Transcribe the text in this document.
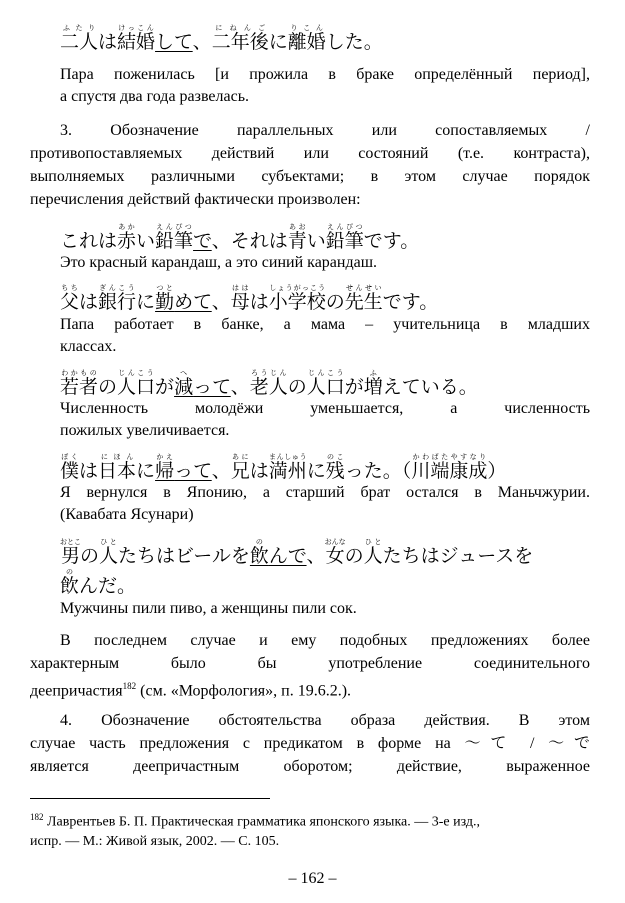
二人ふたりは結婚けっこんして、二年後にねんごに離婚りこんした。

Пара поженилась [и прожила в браке определённый период],

а спустя два года развелась.

3. Обозначение параллельных или сопоставляемых /

противопоставляемых действий или состояний (т.е. контраста),

выполняемых различными субъектами; в этом случае порядок

перечисления действий фактически произволен:

これは赤あかい鉛筆えんぴつで、それは青あおい鉛筆えんぴつです。

Это красный карандаш, а это синий карандаш.

父ちちは銀行ぎんこうに勤つとめて、母ははは小学校しょうがっこうの先生せんせいです。

Папа работает в банке, а мама – учительница в младших

классах.

若者わかものの人口じんこうが減へって、老人ろうじんの人口じんこうが増ふえている。

Численность молодёжи уменьшается, а численность

пожилых увеличивается.

僕ぼくは日本にほんに帰かえって、兄あには満州まんしゅうに残のこった。（川端康成かわばたやすなり）

Я вернулся в Японию, а старший брат остался в Маньчжурии.

(Кавабата Ясунари)

男おとこの人ひとたちはビールを飲のんで、女おんなの人ひとたちはジュースを

飲のんだ。

Мужчины пили пиво, а женщины пили сок.

В последнем случае и ему подобных предложениях более

характерным было бы употребление соединительного

деепричастия$^{182}$ (см. «Морфология», п. 19.6.2.).

4. Обозначение обстоятельства образа действия. В этом

случае часть предложения с предикатом в форме на ～て / ～で

является деепричастным оборотом; действие, выраженное

$^{182}$ Лаврентьев Б. П. Практическая грамматика японского языка. — 3-е изд.,
испр. — М.: Живой язык, 2002. — С. 105.

– 162 –
